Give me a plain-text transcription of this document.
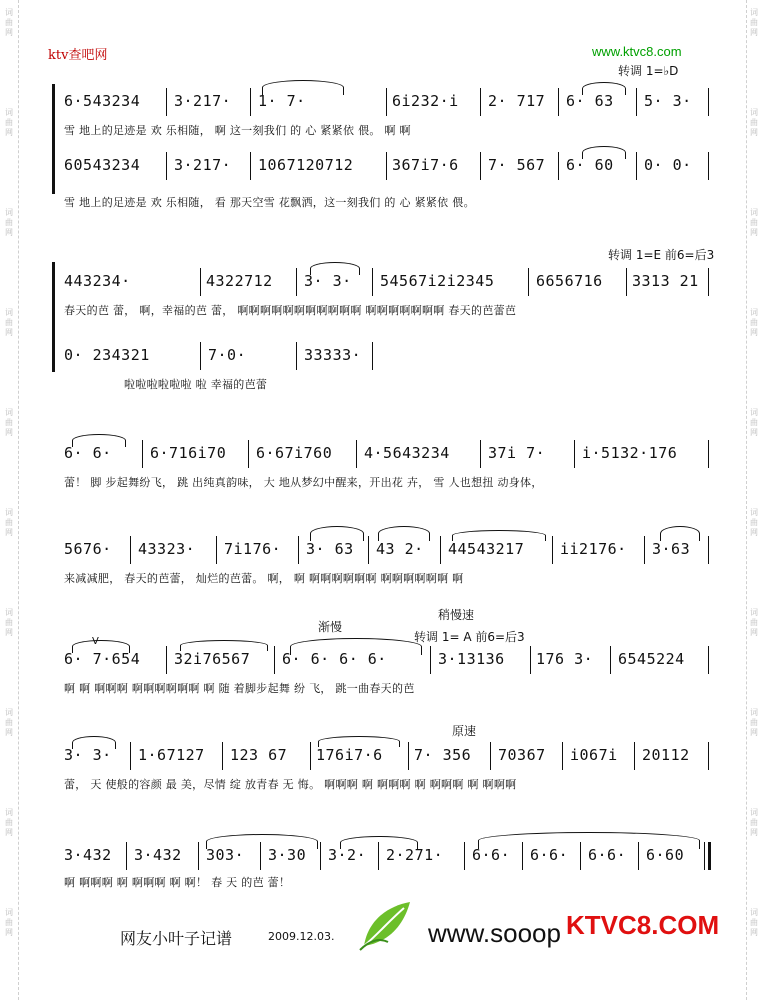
词
曲
网
词
曲
网
词
曲
网
词
曲
网
词
曲
网
词
曲
网
词
曲
网
词
曲
网
词
曲
网
词
曲
网
词
曲
网
词
曲
网
词
曲
网
词
曲
网
词
曲
网
词
曲
网
词
曲
网
词
曲
网
词
曲
网
词
曲
网
ktv查吧网	www.ktvc8.com
转调 1=♭D
6·543234 3·217· 1· 7·	6i232·i 2· 717 6· 63 5· 3·
雪 地上的足迹是 欢 乐相随， 啊 这一刻我们 的 心 紧紧依 偎。 啊 啊
60543234 3·217· 1067120712	367i7·6 7· 567 6· 60 0· 0·
雪 地上的足迹是 欢 乐相随， 看 那天空雪 花飘洒，这一刻我们 的 心 紧紧依 偎。
转调 1=E 前6=后3
443234·	4322712 3· 3· 54567i2i2345	6656716 3313 21
春天的芭 蕾， 啊，幸福的芭 蕾， 啊啊啊啊啊啊啊啊啊啊啊 啊啊啊啊啊啊啊 春天的芭蕾芭
0· 234321	7·0·	33333·
啦啦啦啦啦啦 啦 幸福的芭蕾
6· 6·	6·716i70 6·67i760 4·5643234	37i 7· i·5132·176
蕾！ 脚 步起舞纷飞， 跳 出纯真韵味， 大 地从梦幻中醒来，开出花 卉， 雪 人也想扭 动身体，
5676· 43323· 7i176· 3· 63 43 2· 44543217 ii2176· 3·63
来减减肥， 春天的芭蕾， 灿烂的芭蕾。 啊， 啊 啊啊啊啊啊啊 啊啊啊啊啊啊 啊
稍慢速
渐慢
转调 1= A 前6=后3
V
6· 7·654 32i76567 6· 6· 6· 6·	3·13136 176 3· 6545224
啊 啊 啊啊啊 啊啊啊啊啊啊 啊 随 着脚步起舞 纷 飞， 跳一曲春天的芭
原速
3· 3· 1·67127 123 67 176i7·6 7· 356 70367 i067i 20112
蕾， 天 使般的容颜 最 美，尽情 绽 放青春 无 悔。 啊啊啊 啊 啊啊啊 啊 啊啊啊 啊 啊啊啊
3·432 3·432 303· 3·30 3·2· 2·271· 6·6· 6·6· 6·6· 6·60
啊 啊啊啊 啊 啊啊啊 啊 啊！ 春 天 的芭 蕾！
网友小叶子记谱	2009.12.03.	www.sooop KTVC8.COM
